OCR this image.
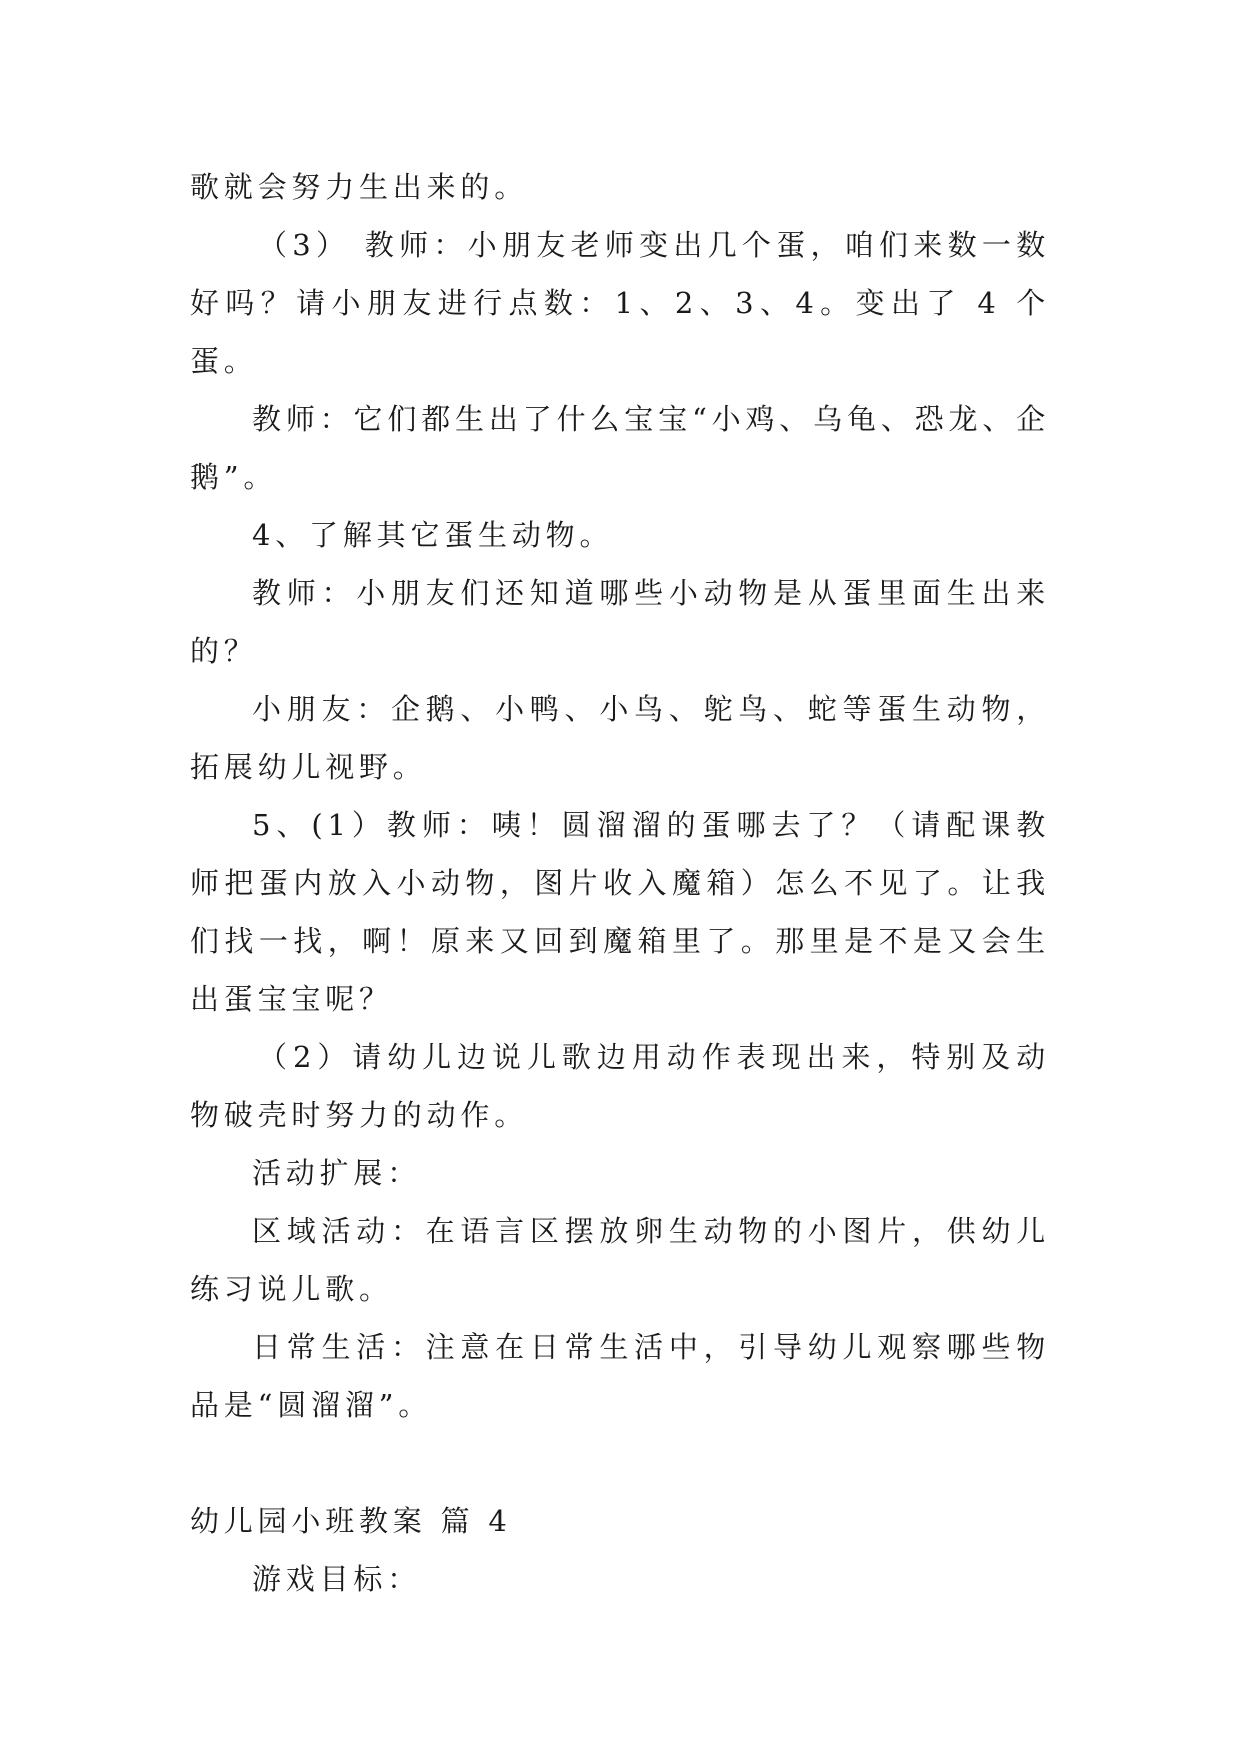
歌就会努力生出来的。

（3） 教师：小朋友老师变出几个蛋，咱们来数一数好吗？请小朋友进行点数：1、2、3、4。变出了 4 个蛋。

教师：它们都生出了什么宝宝“小鸡、乌龟、恐龙、企鹅”。

4、了解其它蛋生动物。

教师：小朋友们还知道哪些小动物是从蛋里面生出来的？

小朋友：企鹅、小鸭、小鸟、鸵鸟、蛇等蛋生动物，拓展幼儿视野。

5、(1）教师：咦！圆溜溜的蛋哪去了？（请配课教师把蛋内放入小动物，图片收入魔箱）怎么不见了。让我们找一找，啊！原来又回到魔箱里了。那里是不是又会生出蛋宝宝呢？

（2）请幼儿边说儿歌边用动作表现出来，特别及动物破壳时努力的动作。

活动扩展：

区域活动：在语言区摆放卵生动物的小图片，供幼儿练习说儿歌。

日常生活：注意在日常生活中，引导幼儿观察哪些物品是“圆溜溜”。

幼儿园小班教案 篇 4

游戏目标：
